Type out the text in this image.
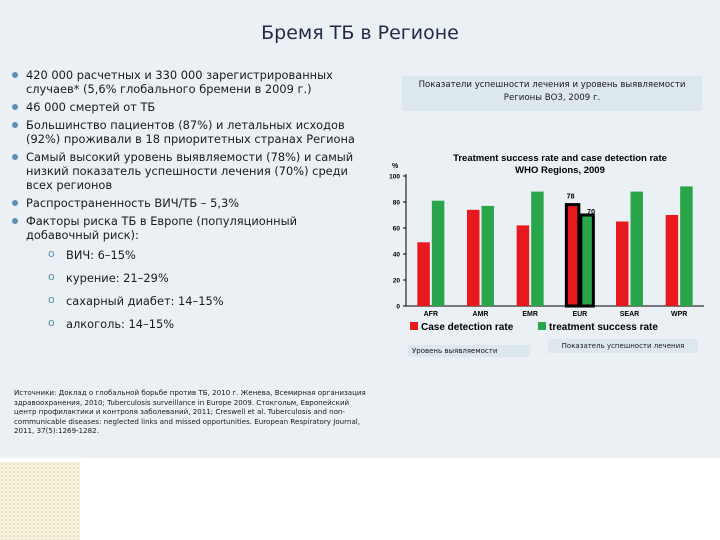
Бремя ТБ в Регионе
420 000 расчетных и 330 000 зарегистрированных случаев* (5,6% глобального бремени в 2009 г.)
46 000 смертей от ТБ
Большинство пациентов (87%) и летальных исходов (92%) проживали в 18 приоритетных странах Региона
Самый высокий уровень выявляемости (78%) и самый низкий показатель успешности лечения (70%) среди всех регионов
Распространенность ВИЧ/ТБ – 5,3%
Факторы риска ТБ в Европе (популяционный добавочный риск):
o ВИЧ: 6–15%
o курение: 21–29%
o сахарный диабет: 14–15%
o алкоголь: 14–15%
Источники: Доклад о глобальной борьбе против ТБ, 2010 г. Женева, Всемирная организация здравоохранения, 2010; Tuberculosis surveillance in Europe 2009. Стокгольм, Европейский центр профилактики и контроля заболеваний, 2011; Creswell et al. Tuberculosis and non-communicable diseases: neglected links and missed opportunities. European Respiratory Journal, 2011, 37(5):1269-1282.
Показатели успешности лечения и уровень выявляемости Регионы ВОЗ, 2009 г.
Treatment success rate and case detection rate
WHO Regions, 2009
%
0
20
40
60
80
100
AFR	AMR	EMR	EUR	SEAR	WPR
78
70
Case detection rate	treatment success rate
Уровень выявляемости
Показатель успешности лечения
